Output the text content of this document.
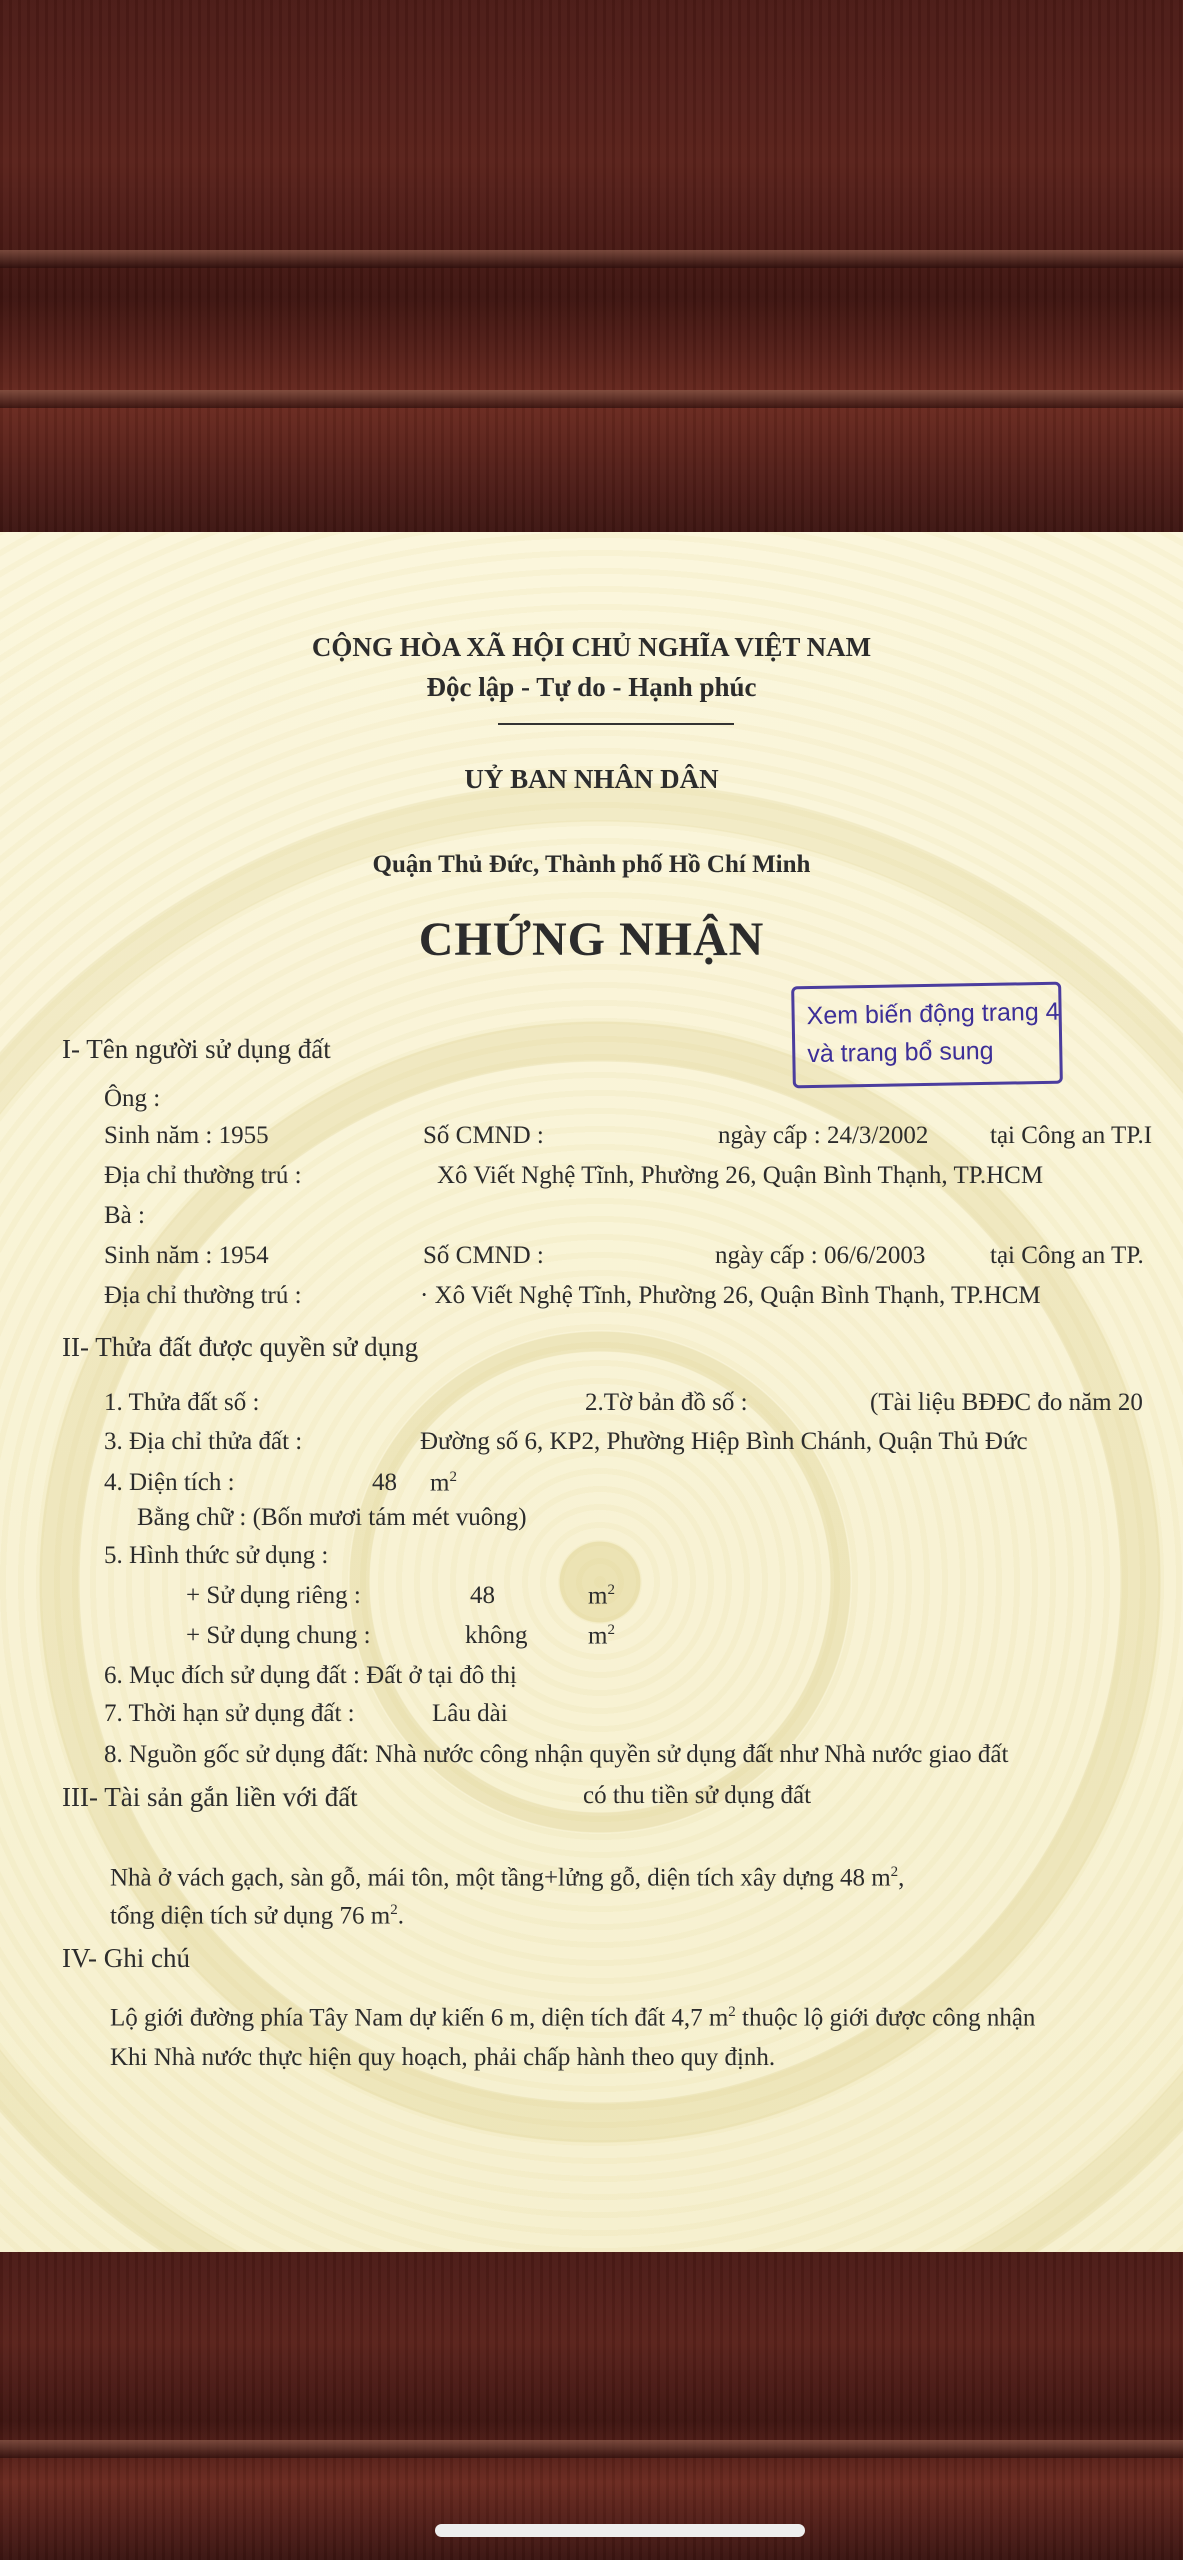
CỘNG HÒA XÃ HỘI CHỦ NGHĨA VIỆT NAM
Độc lập - Tự do - Hạnh phúc
UỶ BAN NHÂN DÂN
Quận Thủ Đức, Thành phố Hồ Chí Minh
CHỨNG NHẬN
Xem biến động trang 4
và trang bổ sung
I- Tên người sử dụng đất
Ông :
Sinh năm : 1955	Số CMND :	ngày cấp : 24/3/2002 tại Công an TP.I
Địa chỉ thường trú :	Xô Viết Nghệ Tĩnh, Phường 26, Quận Bình Thạnh, TP.HCM
Bà :
Sinh năm : 1954	Số CMND :	ngày cấp : 06/6/2003	tại Công an TP.
Địa chỉ thường trú :	· Xô Viết Nghệ Tĩnh, Phường 26, Quận Bình Thạnh, TP.HCM
II- Thửa đất được quyền sử dụng
1. Thửa đất số :	2.Tờ bản đồ số :	(Tài liệu BĐĐC đo năm 20
3. Địa chỉ thửa đất :	Đường số 6, KP2, Phường Hiệp Bình Chánh, Quận Thủ Đức
4. Diện tích :	48 $m^2$
Bằng chữ : (Bốn mươi tám mét vuông)
5. Hình thức sử dụng :
+ Sử dụng riêng :	48	$m^2$
+ Sử dụng chung :	không $m^2$
6. Mục đích sử dụng đất : Đất ở tại đô thị
7. Thời hạn sử dụng đất :	Lâu dài
8. Nguồn gốc sử dụng đất: Nhà nước công nhận quyền sử dụng đất như Nhà nước giao đất
III- Tài sản gắn liền với đất	có thu tiền sử dụng đất
Nhà ở vách gạch, sàn gỗ, mái tôn, một tầng+lửng gỗ, diện tích xây dựng 48 $m^2$,
tổng diện tích sử dụng 76 $m^2$.
IV- Ghi chú
Lộ giới đường phía Tây Nam dự kiến 6 m, diện tích đất 4,7 $m^2$ thuộc lộ giới được công nhận
Khi Nhà nước thực hiện quy hoạch, phải chấp hành theo quy định.
